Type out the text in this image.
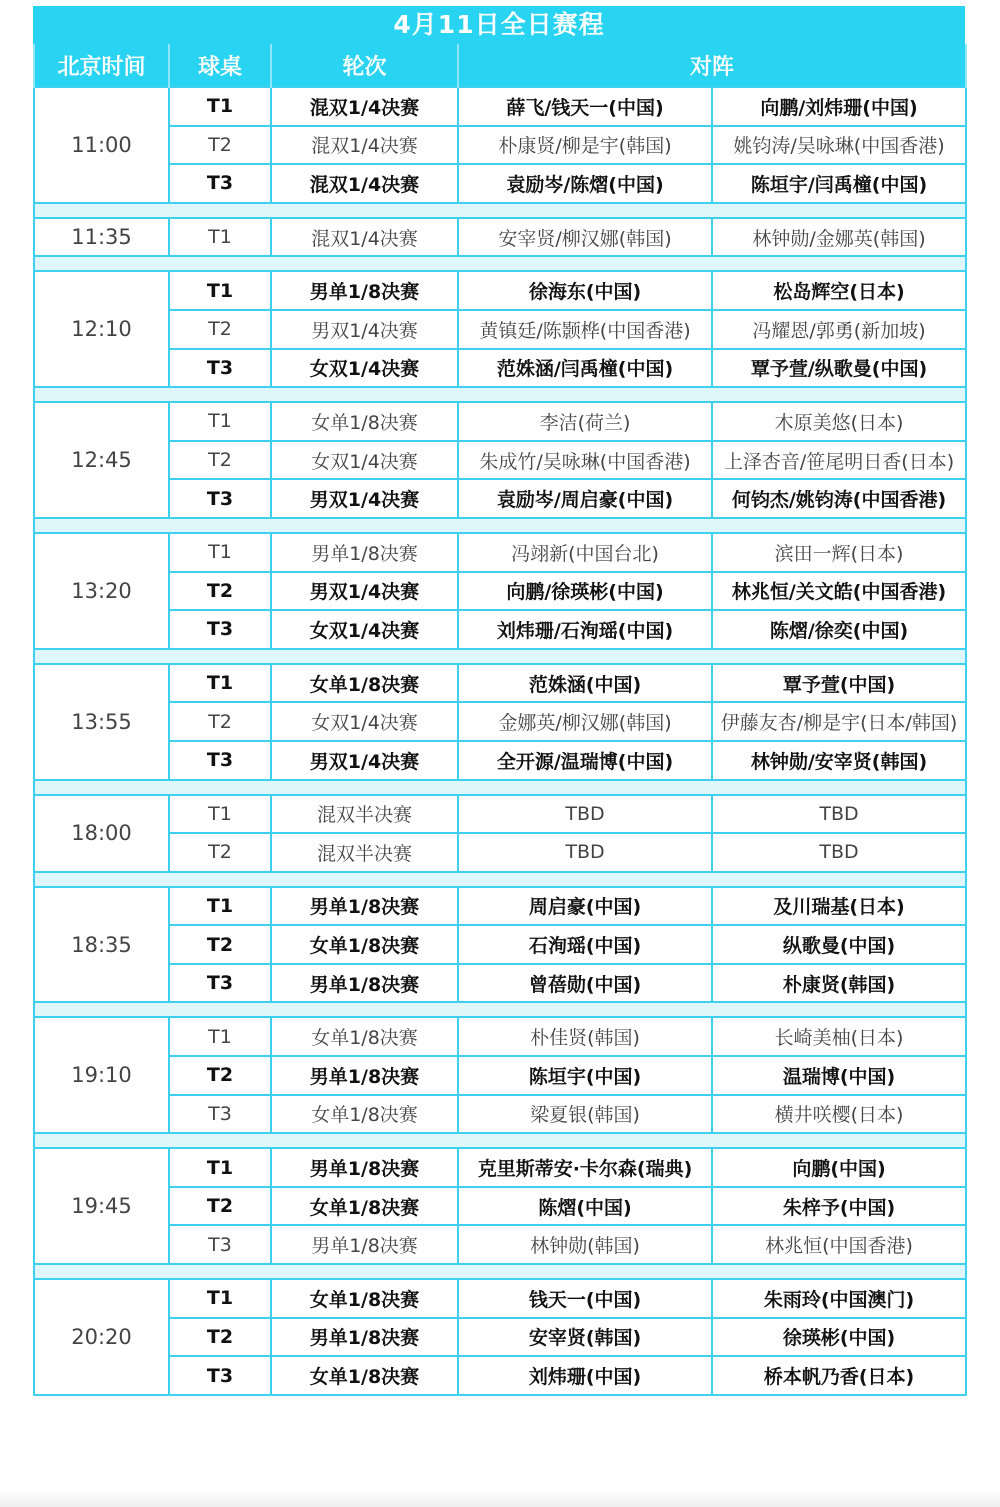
4月11日全日赛程
北京时间	球桌	轮次	对阵	
11:00	T1	混双1/4决赛	薛飞/钱天一(中国)	向鹏/刘炜珊(中国)
	T2	混双1/4决赛	朴康贤/柳是宇(韩国)	姚钧涛/吴咏琳(中国香港)
	T3	混双1/4决赛	袁励岑/陈熠(中国)	陈垣宇/闫禹橦(中国)

11:35	T1	混双1/4决赛	安宰贤/柳汉娜(韩国)	林钟勋/金娜英(韩国)

12:10	T1	男单1/8决赛	徐海东(中国)	松岛辉空(日本)
	T2	男双1/4决赛	黄镇廷/陈颢桦(中国香港)	冯耀恩/郭勇(新加坡)
	T3	女双1/4决赛	范姝涵/闫禹橦(中国)	覃予萱/纵歌曼(中国)

12:45	T1	女单1/8决赛	李洁(荷兰)	木原美悠(日本)
	T2	女双1/4决赛	朱成竹/吴咏琳(中国香港)	上泽杏音/笹尾明日香(日本)
	T3	男双1/4决赛	袁励岑/周启豪(中国)	何钧杰/姚钧涛(中国香港)

13:20	T1	男单1/8决赛	冯翊新(中国台北)	滨田一辉(日本)
	T2	男双1/4决赛	向鹏/徐瑛彬(中国)	林兆恒/关文皓(中国香港)
	T3	女双1/4决赛	刘炜珊/石洵瑶(中国)	陈熠/徐奕(中国)

13:55	T1	女单1/8决赛	范姝涵(中国)	覃予萱(中国)
	T2	女双1/4决赛	金娜英/柳汉娜(韩国)	伊藤友杏/柳是宇(日本/韩国)
	T3	男双1/4决赛	全开源/温瑞博(中国)	林钟勋/安宰贤(韩国)

18:00	T1	混双半决赛	TBD	TBD
	T2	混双半决赛	TBD	TBD

18:35	T1	男单1/8决赛	周启豪(中国)	及川瑞基(日本)
	T2	女单1/8决赛	石洵瑶(中国)	纵歌曼(中国)
	T3	男单1/8决赛	曾蓓勋(中国)	朴康贤(韩国)

19:10	T1	女单1/8决赛	朴佳贤(韩国)	长崎美柚(日本)
	T2	男单1/8决赛	陈垣宇(中国)	温瑞博(中国)
	T3	女单1/8决赛	梁夏银(韩国)	横井咲樱(日本)

19:45	T1	男单1/8决赛	克里斯蒂安·卡尔森(瑞典)	向鹏(中国)
	T2	女单1/8决赛	陈熠(中国)	朱梓予(中国)
	T3	男单1/8决赛	林钟勋(韩国)	林兆恒(中国香港)

20:20	T1	女单1/8决赛	钱天一(中国)	朱雨玲(中国澳门)
	T2	男单1/8决赛	安宰贤(韩国)	徐瑛彬(中国)
	T3	女单1/8决赛	刘炜珊(中国)	桥本帆乃香(日本)
